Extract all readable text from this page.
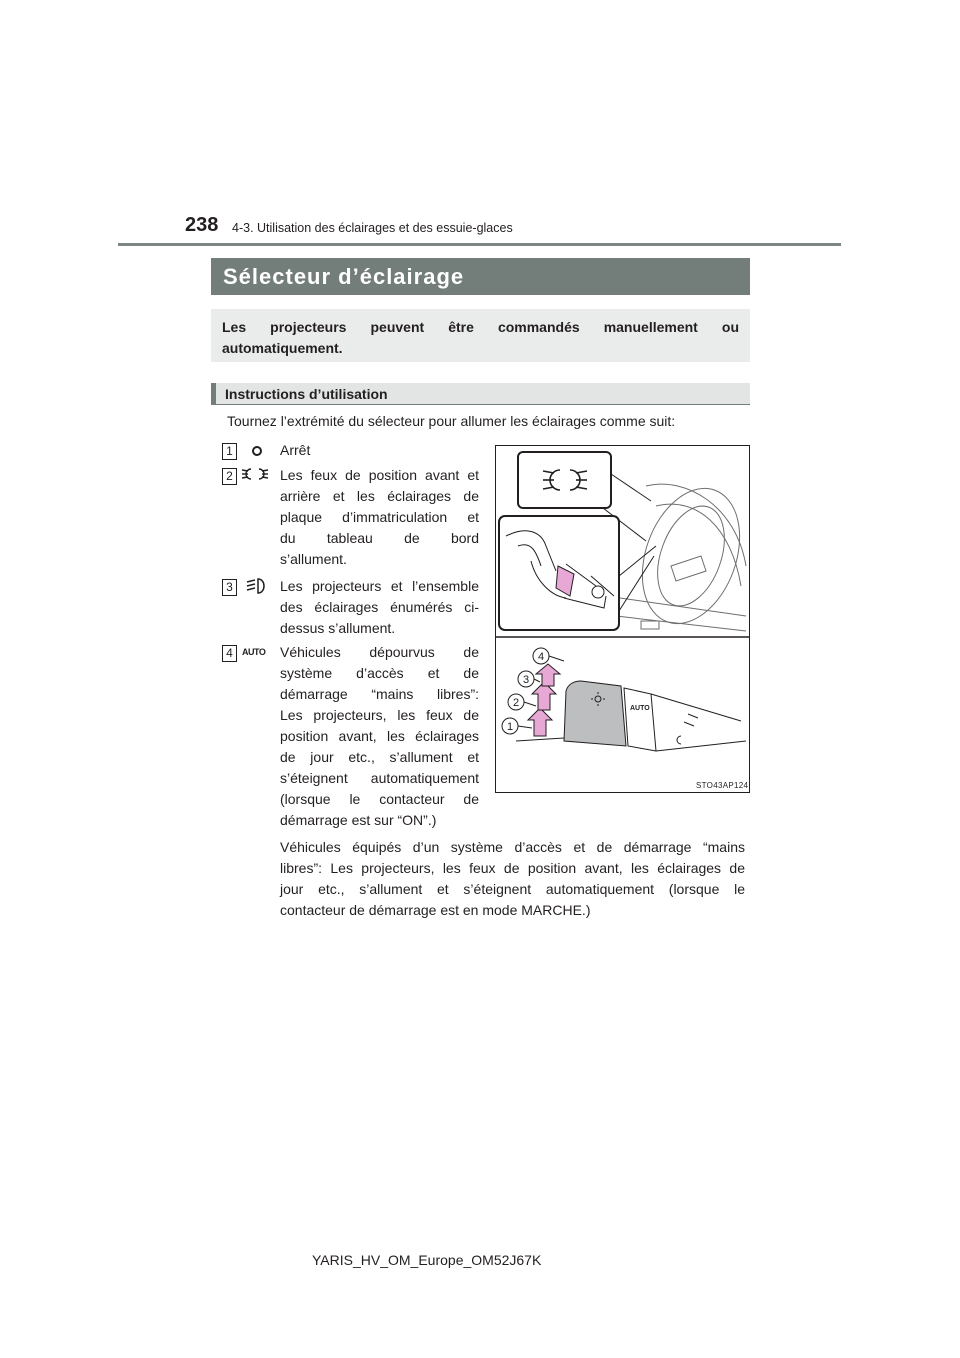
238 4-3. Utilisation des éclairages et des essuie-glaces
Sélecteur d’éclairage
Les projecteurs peuvent être commandés manuellement ou
automatiquement.
Instructions d’utilisation
Tournez l’extrémité du sélecteur pour allumer les éclairages comme suit:
1	Arrêt
2	Les feux de position avant et
arrière et les éclairages de
plaque d’immatriculation et
du tableau de bord
s’allument.
3	Les projecteurs et l’ensemble
des éclairages énumérés ci-
dessus s’allument.
4	AUTO Véhicules dépourvus de
système d’accès et de
démarrage “mains libres”:
Les projecteurs, les feux de
position avant, les éclairages
de jour etc., s’allument et
s’éteignent automatiquement
(lorsque le contacteur de
démarrage est sur “ON”.)
AUTO
1
2
3
4
STO43AP124
Véhicules équipés d’un système d’accès et de démarrage “mains
libres”: Les projecteurs, les feux de position avant, les éclairages de
jour etc., s’allument et s’éteignent automatiquement (lorsque le
contacteur de démarrage est en mode MARCHE.)
YARIS_HV_OM_Europe_OM52J67K
